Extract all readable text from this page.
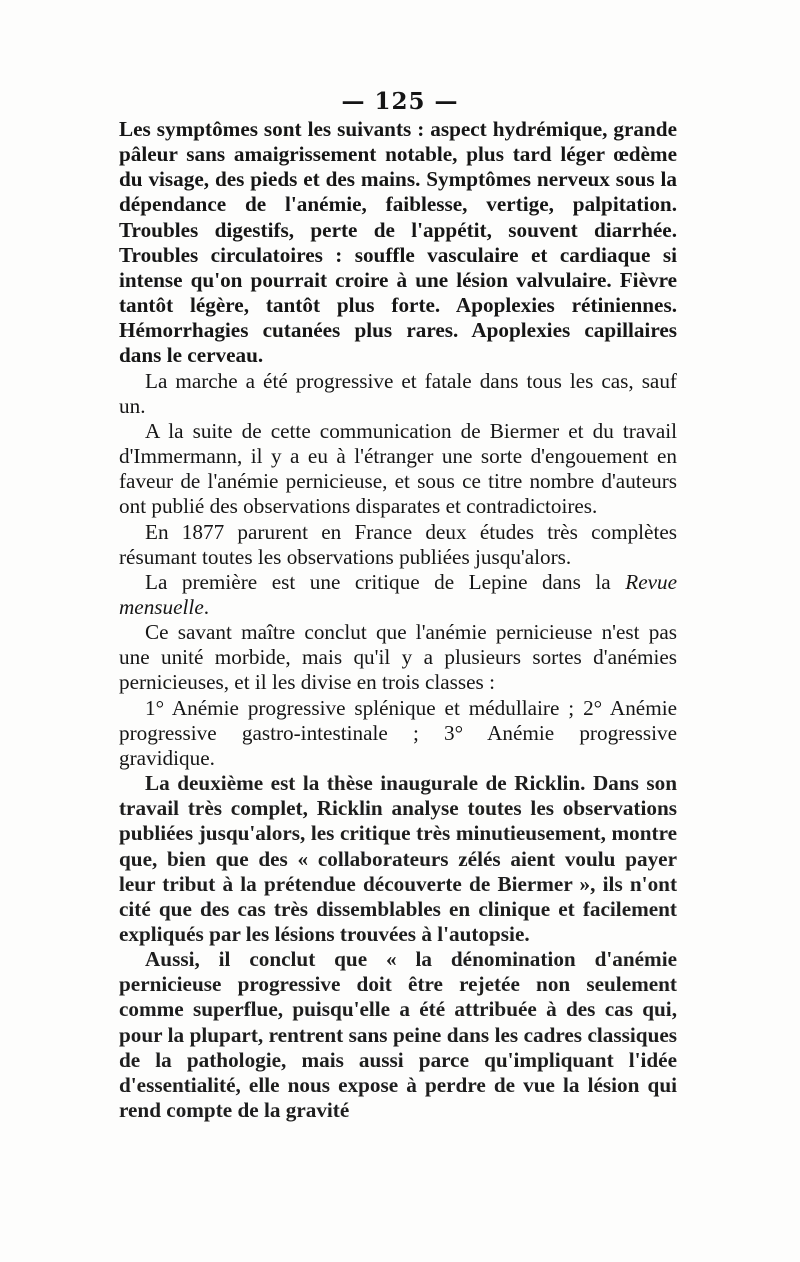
— 125 —

Les symptômes sont les suivants : aspect hydrémique, grande pâleur sans amaigrissement notable, plus tard léger œdème du visage, des pieds et des mains. Symptômes nerveux sous la dépendance de l'anémie, faiblesse, vertige, palpitation. Troubles digestifs, perte de l'appétit, souvent diarrhée. Troubles circulatoires : souffle vasculaire et cardiaque si intense qu'on pourrait croire à une lésion valvulaire. Fièvre tantôt légère, tantôt plus forte. Apoplexies rétiniennes. Hémorrhagies cutanées plus rares. Apoplexies capillaires dans le cerveau.

La marche a été progressive et fatale dans tous les cas, sauf un.

A la suite de cette communication de Biermer et du travail d'Immermann, il y a eu à l'étranger une sorte d'engouement en faveur de l'anémie pernicieuse, et sous ce titre nombre d'auteurs ont publié des observations disparates et contradictoires.

En 1877 parurent en France deux études très complètes résumant toutes les observations publiées jusqu'alors.

La première est une critique de Lepine dans la Revue mensuelle.

Ce savant maître conclut que l'anémie pernicieuse n'est pas une unité morbide, mais qu'il y a plusieurs sortes d'anémies pernicieuses, et il les divise en trois classes :

1° Anémie progressive splénique et médullaire ; 2° Anémie progressive gastro-intestinale ; 3° Anémie progressive gravidique.

La deuxième est la thèse inaugurale de Ricklin. Dans son travail très complet, Ricklin analyse toutes les observations publiées jusqu'alors, les critique très minutieusement, montre que, bien que des « collaborateurs zélés aient voulu payer leur tribut à la prétendue découverte de Biermer », ils n'ont cité que des cas très dissemblables en clinique et facilement expliqués par les lésions trouvées à l'autopsie.

Aussi, il conclut que « la dénomination d'anémie pernicieuse progressive doit être rejetée non seulement comme superflue, puisqu'elle a été attribuée à des cas qui, pour la plupart, rentrent sans peine dans les cadres classiques de la pathologie, mais aussi parce qu'impliquant l'idée d'essentialité, elle nous expose à perdre de vue la lésion qui rend compte de la gravité
